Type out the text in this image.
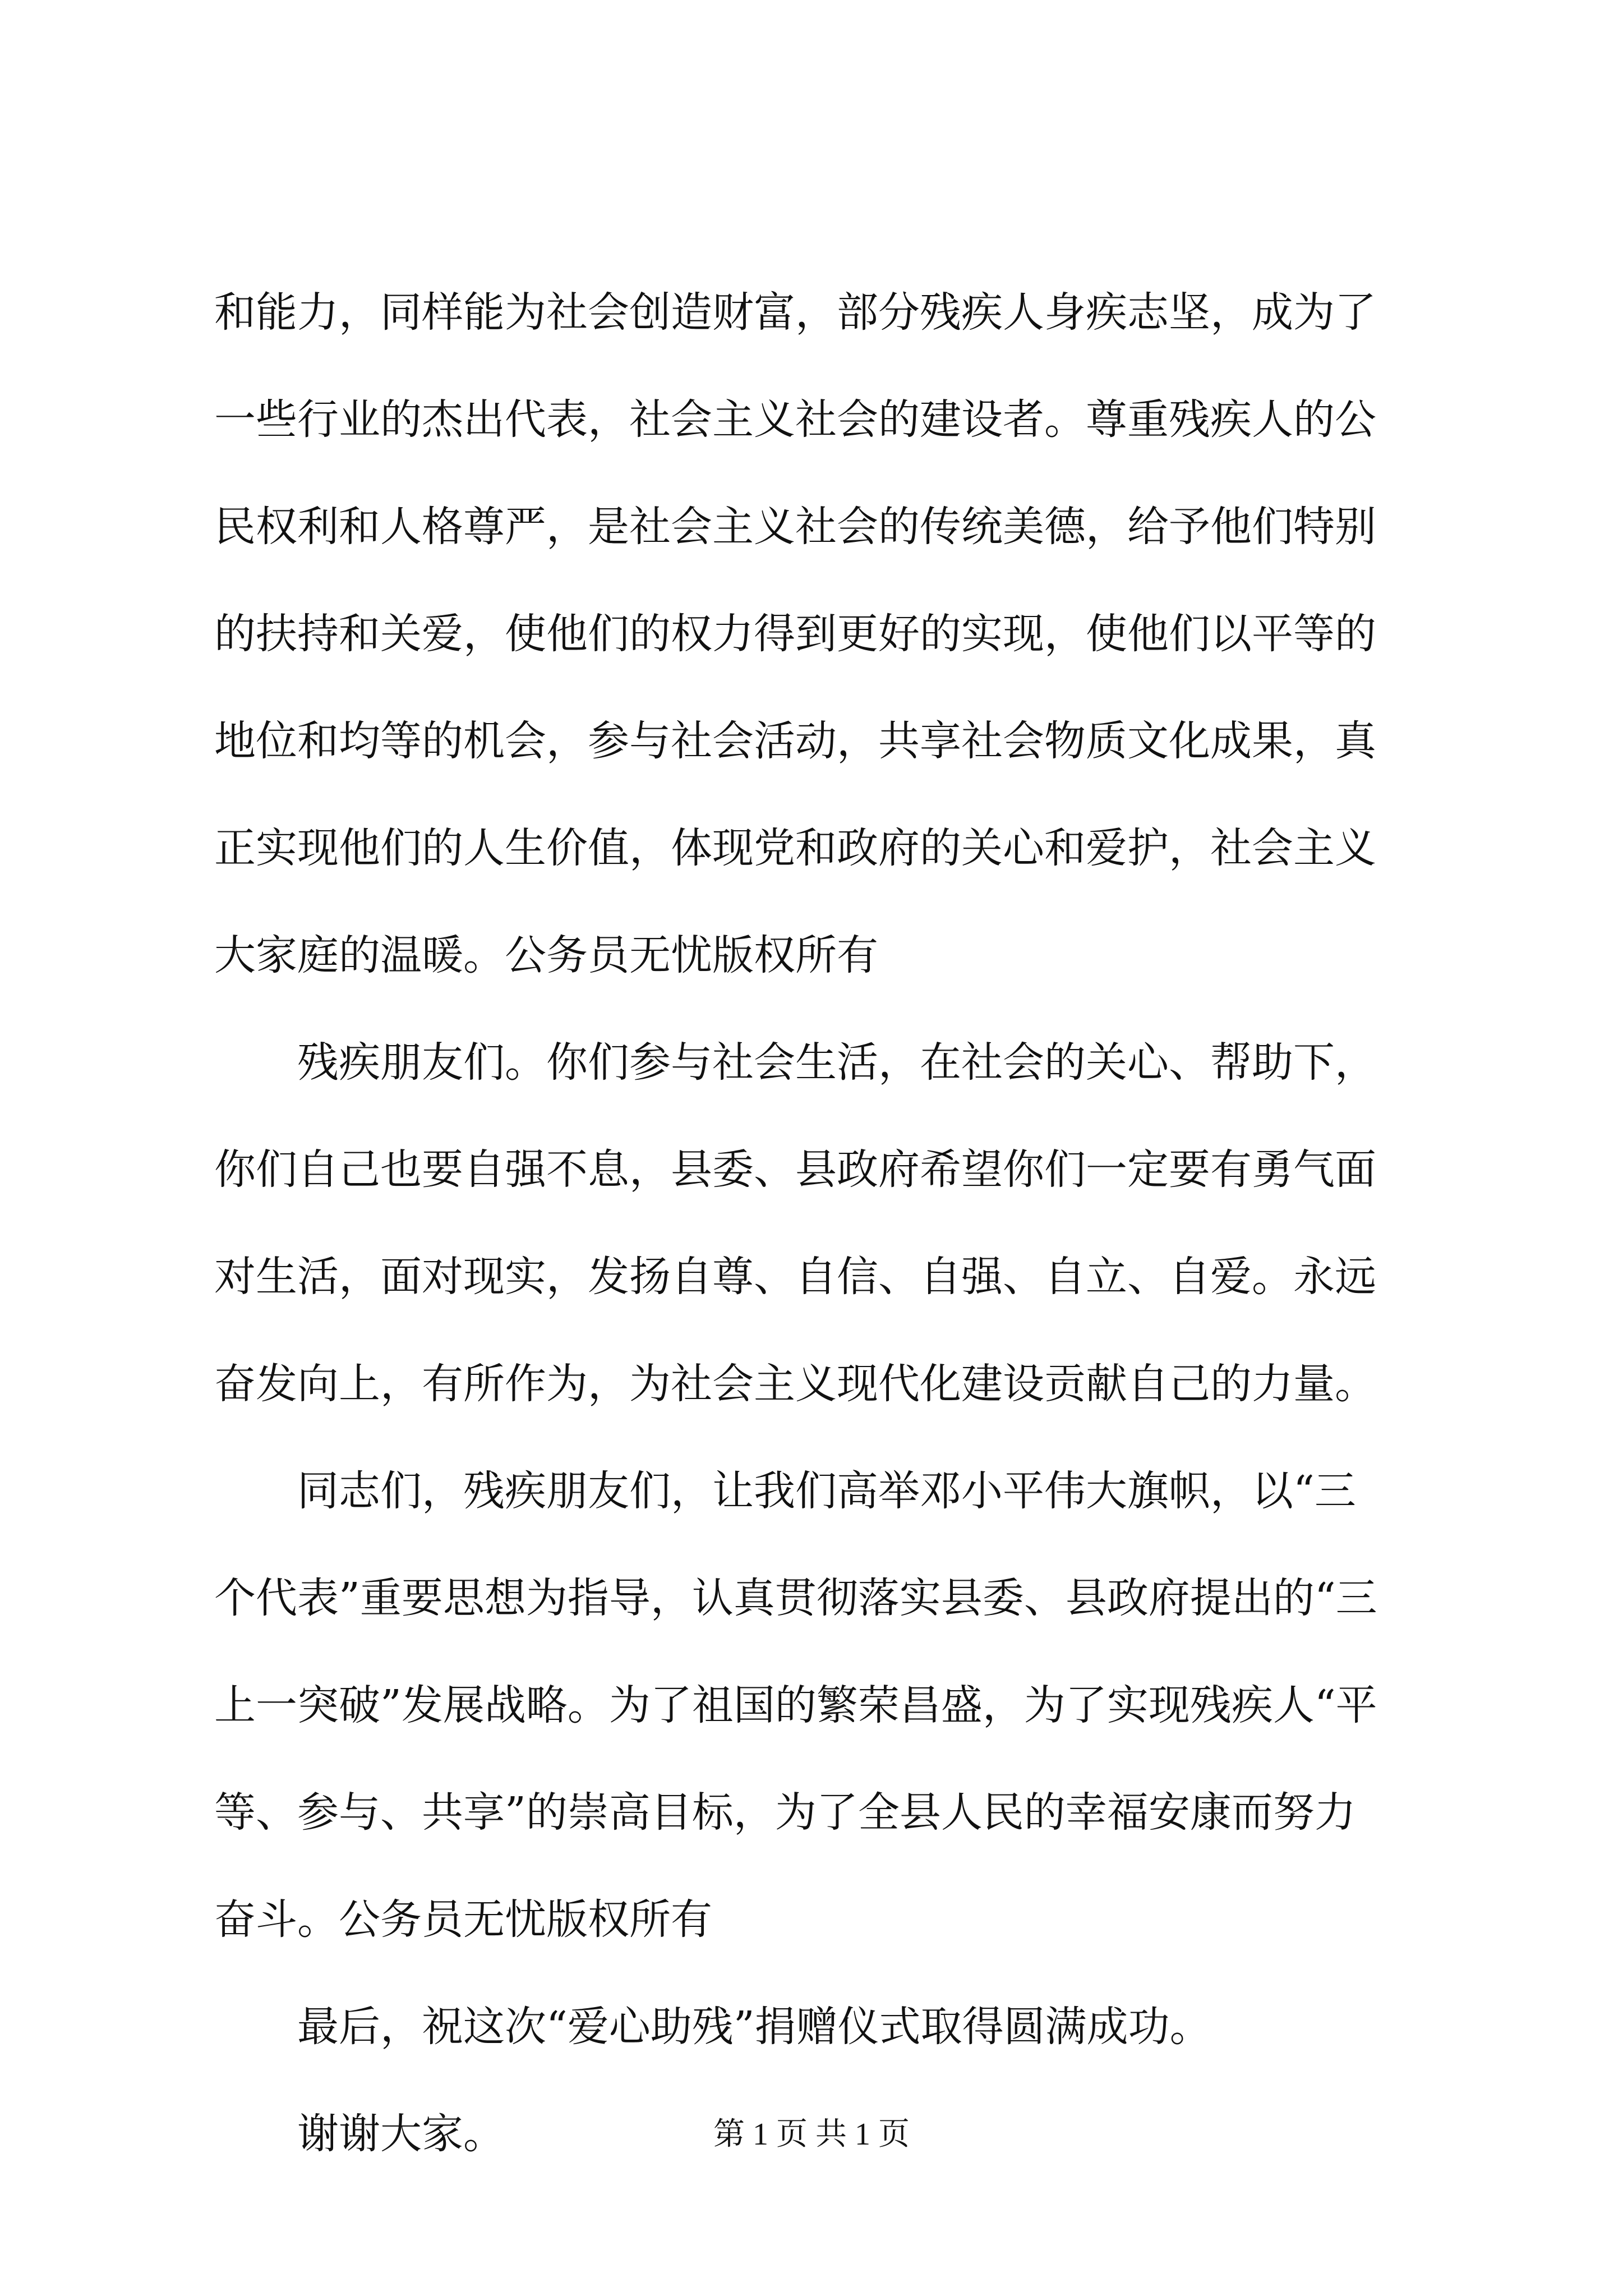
和能力，同样能为社会创造财富，部分残疾人身疾志坚，成为了
一些行业的杰出代表，社会主义社会的建设者。尊重残疾人的公
民权利和人格尊严，是社会主义社会的传统美德，给予他们特别
的扶持和关爱，使他们的权力得到更好的实现，使他们以平等的
地位和均等的机会，参与社会活动，共享社会物质文化成果，真
正实现他们的人生价值，体现党和政府的关心和爱护，社会主义
大家庭的温暖。公务员无忧版权所有
残疾朋友们。你们参与社会生活，在社会的关心、帮助下，
你们自己也要自强不息，县委、县政府希望你们一定要有勇气面
对生活，面对现实，发扬自尊、自信、自强、自立、自爱。永远
奋发向上，有所作为，为社会主义现代化建设贡献自己的力量。
同志们，残疾朋友们，让我们高举邓小平伟大旗帜，以“三
个代表”重要思想为指导，认真贯彻落实县委、县政府提出的“三
上一突破”发展战略。为了祖国的繁荣昌盛，为了实现残疾人“平
等、参与、共享”的崇高目标，为了全县人民的幸福安康而努力
奋斗。公务员无忧版权所有
最后，祝这次“爱心助残”捐赠仪式取得圆满成功。
谢谢大家。	第 1 页 共 1 页
